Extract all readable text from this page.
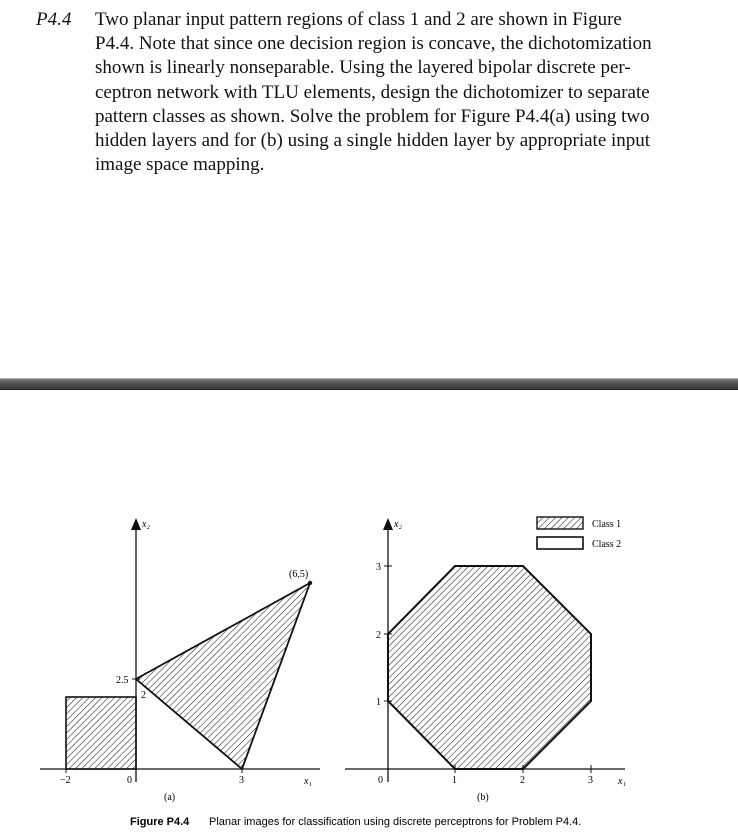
P4.4 Two planar input pattern regions of class 1 and 2 are shown in Figure
P4.4. Note that since one decision region is concave, the dichotomization
shown is linearly nonseparable. Using the layered bipolar discrete per-
ceptron network with TLU elements, design the dichotomizer to separate
pattern classes as shown. Solve the problem for Figure P4.4(a) using two
hidden layers and for (b) using a single hidden layer by appropriate input
image space mapping.
x₂
x₁
0
−2	3
2.5
2
(6,5)
(a)
x₂
x₁
0	1	2	3
1
2
3
(b)
Class 1
Class 2
Figure P4.4 Planar images for classification using discrete perceptrons for Problem P4.4.
